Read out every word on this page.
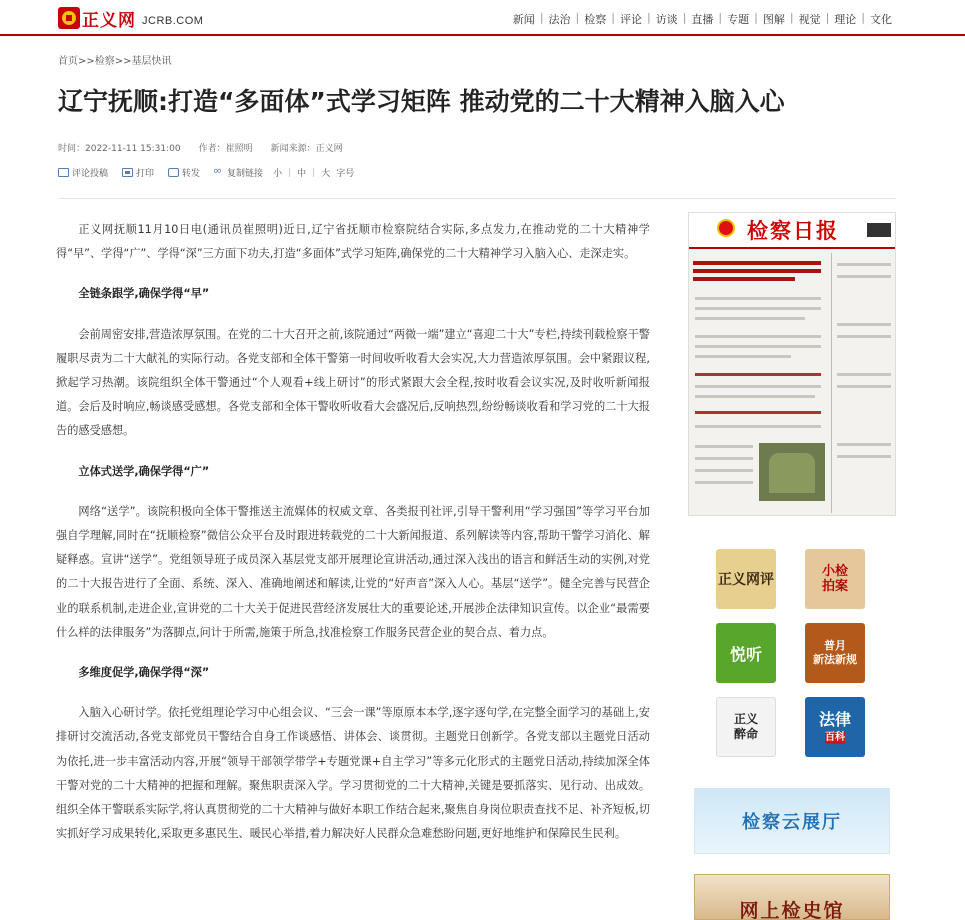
正义网 JCRB.COM	新闻 | 法治 | 检察 | 评论 | 访谈 | 直播 | 专题 | 图解 | 视觉 | 理论 | 文化
首页>>检察>>基层快讯
辽宁抚顺:打造“多面体”式学习矩阵 推动党的二十大精神入脑入心
时间：2022-11-11 15:31:00 作者：崔照明 新闻来源：正义网
评论投稿	打印	转发
∞	复制链接 小 | 中 | 大 字号

正义网抚顺11月10日电(通讯员崔照明)近日,辽宁省抚顺市检察院结合实际,多点发力,在推动党的二十大精神学得“早”、学得“广”、学得“深”三方面下功夫,打造“多面体”式学习矩阵,确保党的二十大精神学习入脑入心、走深走实。

全链条跟学,确保学得“早”

会前周密安排,营造浓厚氛围。在党的二十大召开之前,该院通过“两微一端”建立“喜迎二十大”专栏,持续刊载检察干警履职尽责为二十大献礼的实际行动。各党支部和全体干警第一时间收听收看大会实况,大力营造浓厚氛围。会中紧跟议程,掀起学习热潮。该院组织全体干警通过“个人观看+线上研讨”的形式紧跟大会全程,按时收看会议实况,及时收听新闻报道。会后及时响应,畅谈感受感想。各党支部和全体干警收听收看大会盛况后,反响热烈,纷纷畅谈收看和学习党的二十大报告的感受感想。

立体式送学,确保学得“广”

网络“送学”。该院积极向全体干警推送主流媒体的权威文章、各类报刊社评,引导干警利用“学习强国”等学习平台加强自学理解,同时在“抚顺检察”微信公众平台及时跟进转载党的二十大新闻报道、系列解读等内容,帮助干警学习消化、解疑释惑。宣讲“送学”。党组领导班子成员深入基层党支部开展理论宣讲活动,通过深入浅出的语言和鲜活生动的实例,对党的二十大报告进行了全面、系统、深入、准确地阐述和解读,让党的“好声音”深入人心。基层“送学”。健全完善与民营企业的联系机制,走进企业,宣讲党的二十大关于促进民营经济发展壮大的重要论述,开展涉企法律知识宣传。以企业“最需要什么样的法律服务”为落脚点,问计于所需,施策于所急,找准检察工作服务民营企业的契合点、着力点。

多维度促学,确保学得“深”

入脑入心研讨学。依托党组理论学习中心组会议、“三会一课”等原原本本学,逐字逐句学,在完整全面学习的基础上,安排研讨交流活动,各党支部党员干警结合自身工作谈感悟、讲体会、谈贯彻。主题党日创新学。各党支部以主题党日活动为依托,进一步丰富活动内容,开展“领导干部领学带学+专题党课+自主学习”等多元化形式的主题党日活动,持续加深全体干警对党的二十大精神的把握和理解。聚焦职责深入学。学习贯彻党的二十大精神,关键是要抓落实、见行动、出成效。组织全体干警联系实际学,将认真贯彻党的二十大精神与做好本职工作结合起来,聚焦自身岗位职责查找不足、补齐短板,切实抓好学习成果转化,采取更多惠民生、暖民心举措,着力解决好人民群众急难愁盼问题,更好地维护和保障民生民利。

检察日报
正义网评
小检
拍案
悦听	普月
新法新规
正义
醉命
法律
百科
检察云展厅
网上检史馆
